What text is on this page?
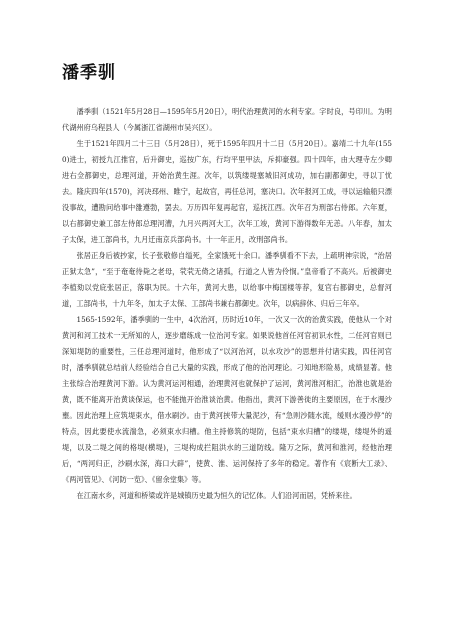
潘季驯

潘季驯（1521年5月28日—1595年5月20日），明代治理黄河的水利专家。字时良，号印川。为明代湖州府乌程县人（今属浙江省湖州市吴兴区）。

生于1521年四月二十三日（5月28日），死于1595年四月十二日（5月20日）。嘉靖二十九年(1550)进士，初授九江推官，后升御史，巡按广东，行均平里甲法，斥抑豪强。四十四年，由大理寺左少卿进右佥都御史，总理河道，开始治黄生涯。次年，以筑缕堤塞城旧河成功，加右副都御史，寻以丁忧去。隆庆四年(1570)，河决邳州、睢宁，起故官，再任总河，塞决口。次年报河工成，寻以运输船只漂没事故，遭勘问给事中雒遵勃，罢去。万历四年复再起官，巡抚江西。次年召为刑部右侍郎。六年夏，以右都御史兼工部左侍郎总理河漕，九月兴两河大工，次年工竣，黄河下游得数年无恙。八年春，加太子太保，进工部尚书，九月迁南京兵部尚书。十一年正月，改刑部尚书。

张居正身后被抄家，长子张敬修自缢死，全家饿死十余口。潘季驯看不下去，上疏明神宗说，“治居正狱太急”，“至于奄奄待毙之老母，茕茕无倚之诸孤，行道之人皆为伶悯。”皇帝看了不高兴。后被御史李植劾以党庇张居正，落职为民。十六年，黄河大患，以给事中梅国楼等荐，复官右都御史，总督河道，工部尚书，十九年冬，加太子太保、工部尚书兼右都御史。次年，以病辞休、归后三年卒。

1565-1592年，潘季驯的一生中，4次治河，历时近10年，一次又一次的治黄实践，使他从一个对黄河和河工技术一无所知的人，逐步磨练成一位治河专家。如果说他首任河官初识水性，二任河官则已深知堤防的重要性，三任总理河道时，他形成了“以河治河，以水攻沙”的思想并付诸实践，四任河官时，潘季驯就总结前人经验结合自己大量的实践，形成了他的治河理论。刁知地形险易，成绩显著。他主张综合治理黄河下游。认为黄河运河相通，治理黄河也就保护了运河，黄河淮河相汇，治淮也就是治黄，既不能离开治黄谈保运，也不能抛开治淮谈治黄。他指出，黄河下游善徙的主要原因，在于水漫沙壅。因此治理上应筑堤束水，借水刷沙。由于黄河挟带大量泥沙，有“急则沙随水流，缓则水漫沙停”的特点，因此要使水流湍急，必须束水归槽。他主持修筑的堤防，包括“束水归槽”的缕堤，缕堤外的遥堤，以及二堤之间的格堤(横堤)，三堤构成拦阻洪水的三道防线。隆万之际，黄河和淮河，经他治理后，“两河归正，沙刷水深，海口大辟”，使黄、淮、运河保持了多年的稳定。著作有《宸断大工录》、《两河管见》、《河防一览》、《留余堂集》等。

在江南水乡，河道和桥梁或许是城镇历史最为恒久的记忆体。人们沿河而居，凭桥来往。
